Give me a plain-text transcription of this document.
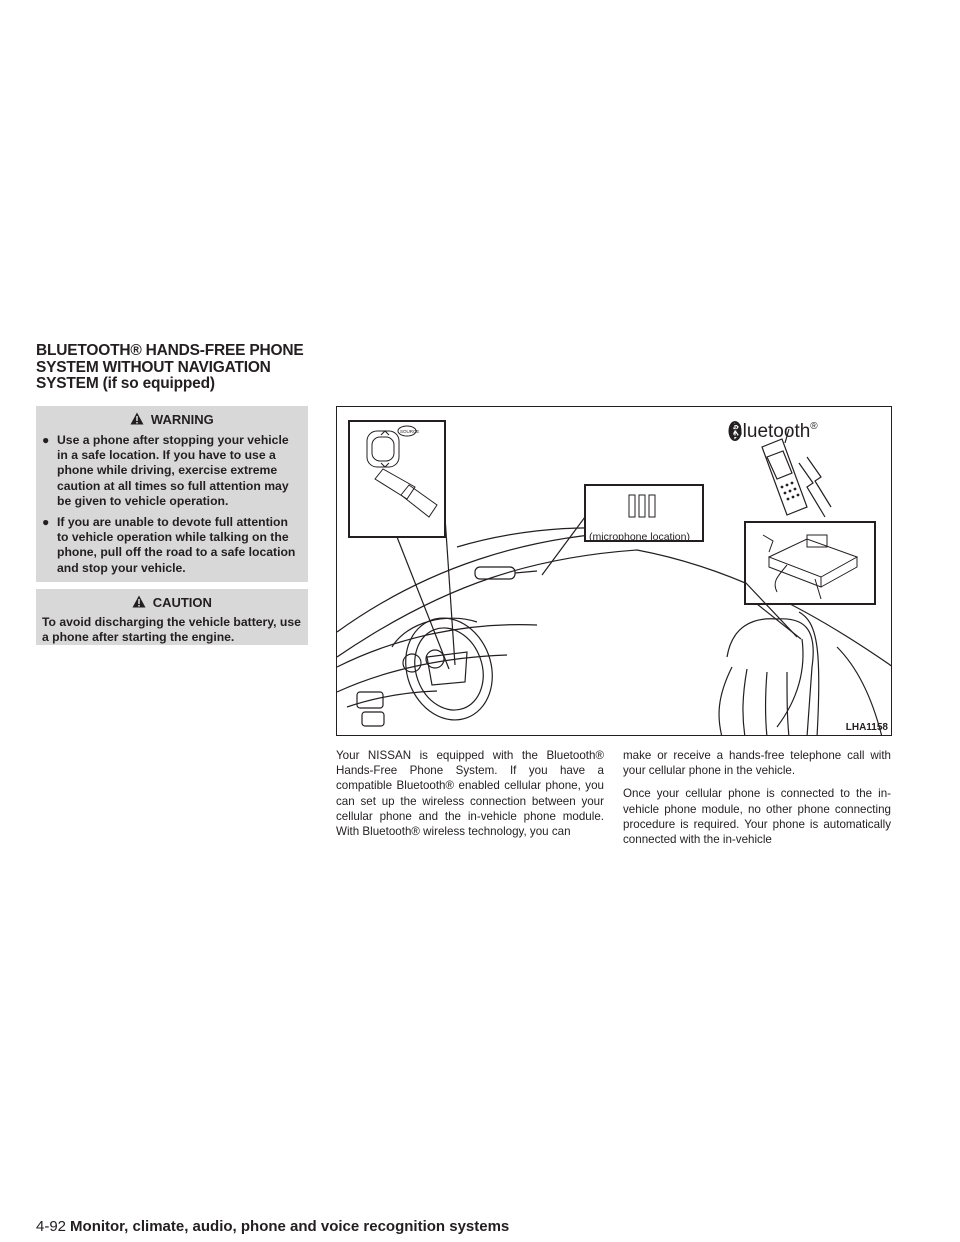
BLUETOOTH® HANDS-FREE PHONE
SYSTEM WITHOUT NAVIGATION
SYSTEM (if so equipped)
WARNING
● Use a phone after stopping your vehicle in a safe location. If you have to use a phone while driving, exercise extreme caution at all times so full attention may be given to vehicle operation.
● If you are unable to devote full attention to vehicle operation while talking on the phone, pull off the road to a safe location and stop your vehicle.
CAUTION
To avoid discharging the vehicle battery, use a phone after starting the engine.
SOURCE	Bluetooth®
(microphone location)
LHA1158

Your NISSAN is equipped with the Bluetooth® Hands-Free Phone System. If you have a compatible Bluetooth® enabled cellular phone, you can set up the wireless connection between your cellular phone and the in-vehicle phone module. With Bluetooth® wireless technology, you can

make or receive a hands-free telephone call with your cellular phone in the vehicle.

Once your cellular phone is connected to the in-vehicle phone module, no other phone connecting procedure is required. Your phone is automatically connected with the in-vehicle

4-92 Monitor, climate, audio, phone and voice recognition systems
